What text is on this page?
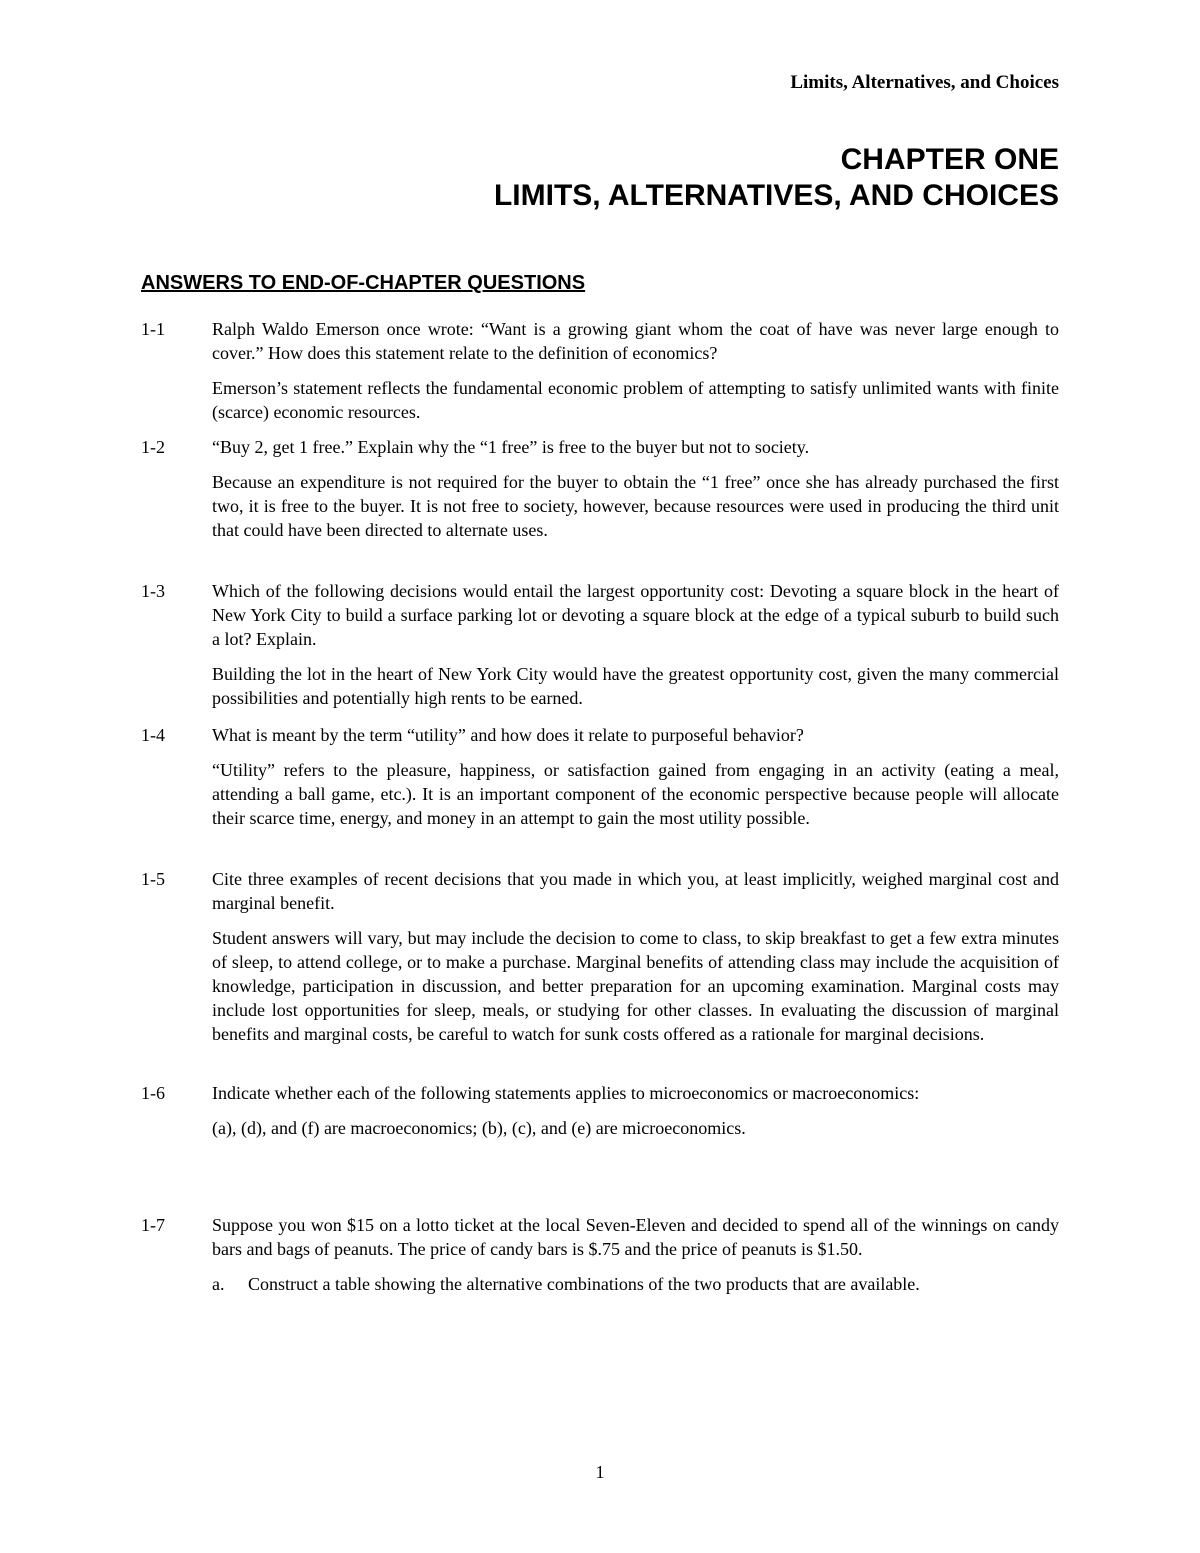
Limits, Alternatives, and Choices
CHAPTER ONE
LIMITS, ALTERNATIVES, AND CHOICES
ANSWERS TO END-OF-CHAPTER QUESTIONS
1-1	Ralph Waldo Emerson once wrote: “Want is a growing giant whom the coat of have was never large enough to cover.” How does this statement relate to the definition of economics?
Emerson’s statement reflects the fundamental economic problem of attempting to satisfy unlimited wants with finite (scarce) economic resources.
1-2	“Buy 2, get 1 free.” Explain why the “1 free” is free to the buyer but not to society.
Because an expenditure is not required for the buyer to obtain the “1 free” once she has already purchased the first two, it is free to the buyer. It is not free to society, however, because resources were used in producing the third unit that could have been directed to alternate uses.
1-3	Which of the following decisions would entail the largest opportunity cost: Devoting a square block in the heart of New York City to build a surface parking lot or devoting a square block at the edge of a typical suburb to build such a lot? Explain.
Building the lot in the heart of New York City would have the greatest opportunity cost, given the many commercial possibilities and potentially high rents to be earned.
1-4	What is meant by the term “utility” and how does it relate to purposeful behavior?
“Utility” refers to the pleasure, happiness, or satisfaction gained from engaging in an activity (eating a meal, attending a ball game, etc.). It is an important component of the economic perspective because people will allocate their scarce time, energy, and money in an attempt to gain the most utility possible.
1-5	Cite three examples of recent decisions that you made in which you, at least implicitly, weighed marginal cost and marginal benefit.
Student answers will vary, but may include the decision to come to class, to skip breakfast to get a few extra minutes of sleep, to attend college, or to make a purchase. Marginal benefits of attending class may include the acquisition of knowledge, participation in discussion, and better preparation for an upcoming examination. Marginal costs may include lost opportunities for sleep, meals, or studying for other classes. In evaluating the discussion of marginal benefits and marginal costs, be careful to watch for sunk costs offered as a rationale for marginal decisions.
1-6	Indicate whether each of the following statements applies to microeconomics or macroeconomics:
(a), (d), and (f) are macroeconomics; (b), (c), and (e) are microeconomics.
1-7	Suppose you won $15 on a lotto ticket at the local Seven-Eleven and decided to spend all of the winnings on candy bars and bags of peanuts. The price of candy bars is $.75 and the price of peanuts is $1.50.
a.	Construct a table showing the alternative combinations of the two products that are available.
1
